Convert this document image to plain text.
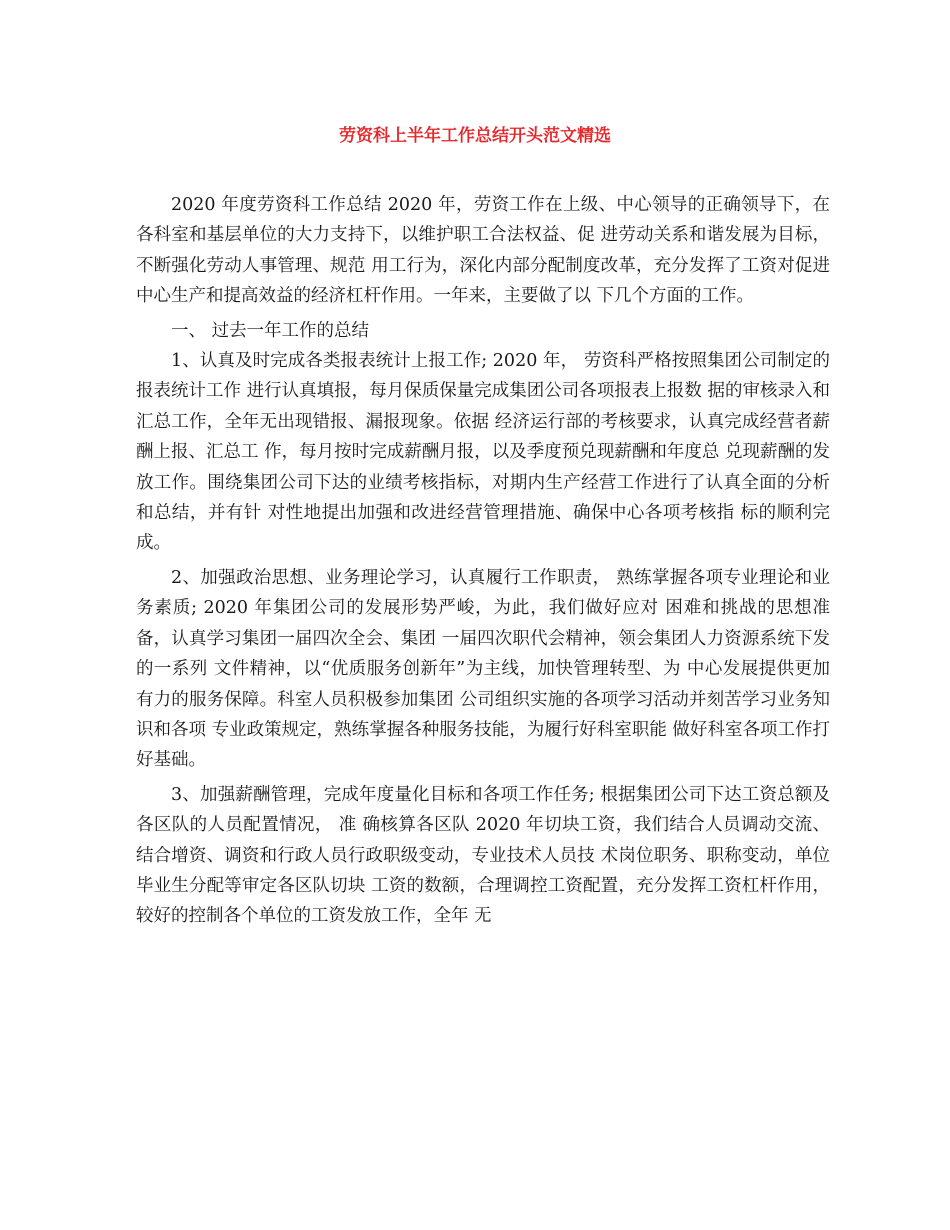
劳资科上半年工作总结开头范文精选

2020 年度劳资科工作总结 2020 年，劳资工作在上级、中心领导的正确领导下，在 各科室和基层单位的大力支持下，以维护职工合法权益、促 进劳动关系和谐发展为目标，不断强化劳动人事管理、规范 用工行为，深化内部分配制度改革，充分发挥了工资对促进 中心生产和提高效益的经济杠杆作用。一年来，主要做了以 下几个方面的工作。

一、 过去一年工作的总结

1、认真及时完成各类报表统计上报工作; 2020 年， 劳资科严格按照集团公司制定的报表统计工作 进行认真填报，每月保质保量完成集团公司各项报表上报数 据的审核录入和汇总工作，全年无出现错报、漏报现象。依据 经济运行部的考核要求，认真完成经营者薪酬上报、汇总工 作，每月按时完成薪酬月报，以及季度预兑现薪酬和年度总 兑现薪酬的发放工作。围绕集团公司下达的业绩考核指标，对期内生产经营工作进行了认真全面的分析和总结，并有针 对性地提出加强和改进经营管理措施、确保中心各项考核指 标的顺利完成。

2、加强政治思想、业务理论学习，认真履行工作职责， 熟练掌握各项专业理论和业务素质; 2020 年集团公司的发展形势严峻，为此，我们做好应对 困难和挑战的思想准备，认真学习集团一届四次全会、集团 一届四次职代会精神，领会集团人力资源系统下发的一系列 文件精神，以“优质服务创新年”为主线，加快管理转型、为 中心发展提供更加有力的服务保障。科室人员积极参加集团 公司组织实施的各项学习活动并刻苦学习业务知识和各项 专业政策规定，熟练掌握各种服务技能，为履行好科室职能 做好科室各项工作打好基础。

3、加强薪酬管理，完成年度量化目标和各项工作任务; 根据集团公司下达工资总额及各区队的人员配置情况， 准 确核算各区队 2020 年切块工资，我们结合人员调动交流、 结合增资、调资和行政人员行政职级变动，专业技术人员技 术岗位职务、职称变动，单位毕业生分配等审定各区队切块 工资的数额，合理调控工资配置，充分发挥工资杠杆作用， 较好的控制各个单位的工资发放工作，全年 无
